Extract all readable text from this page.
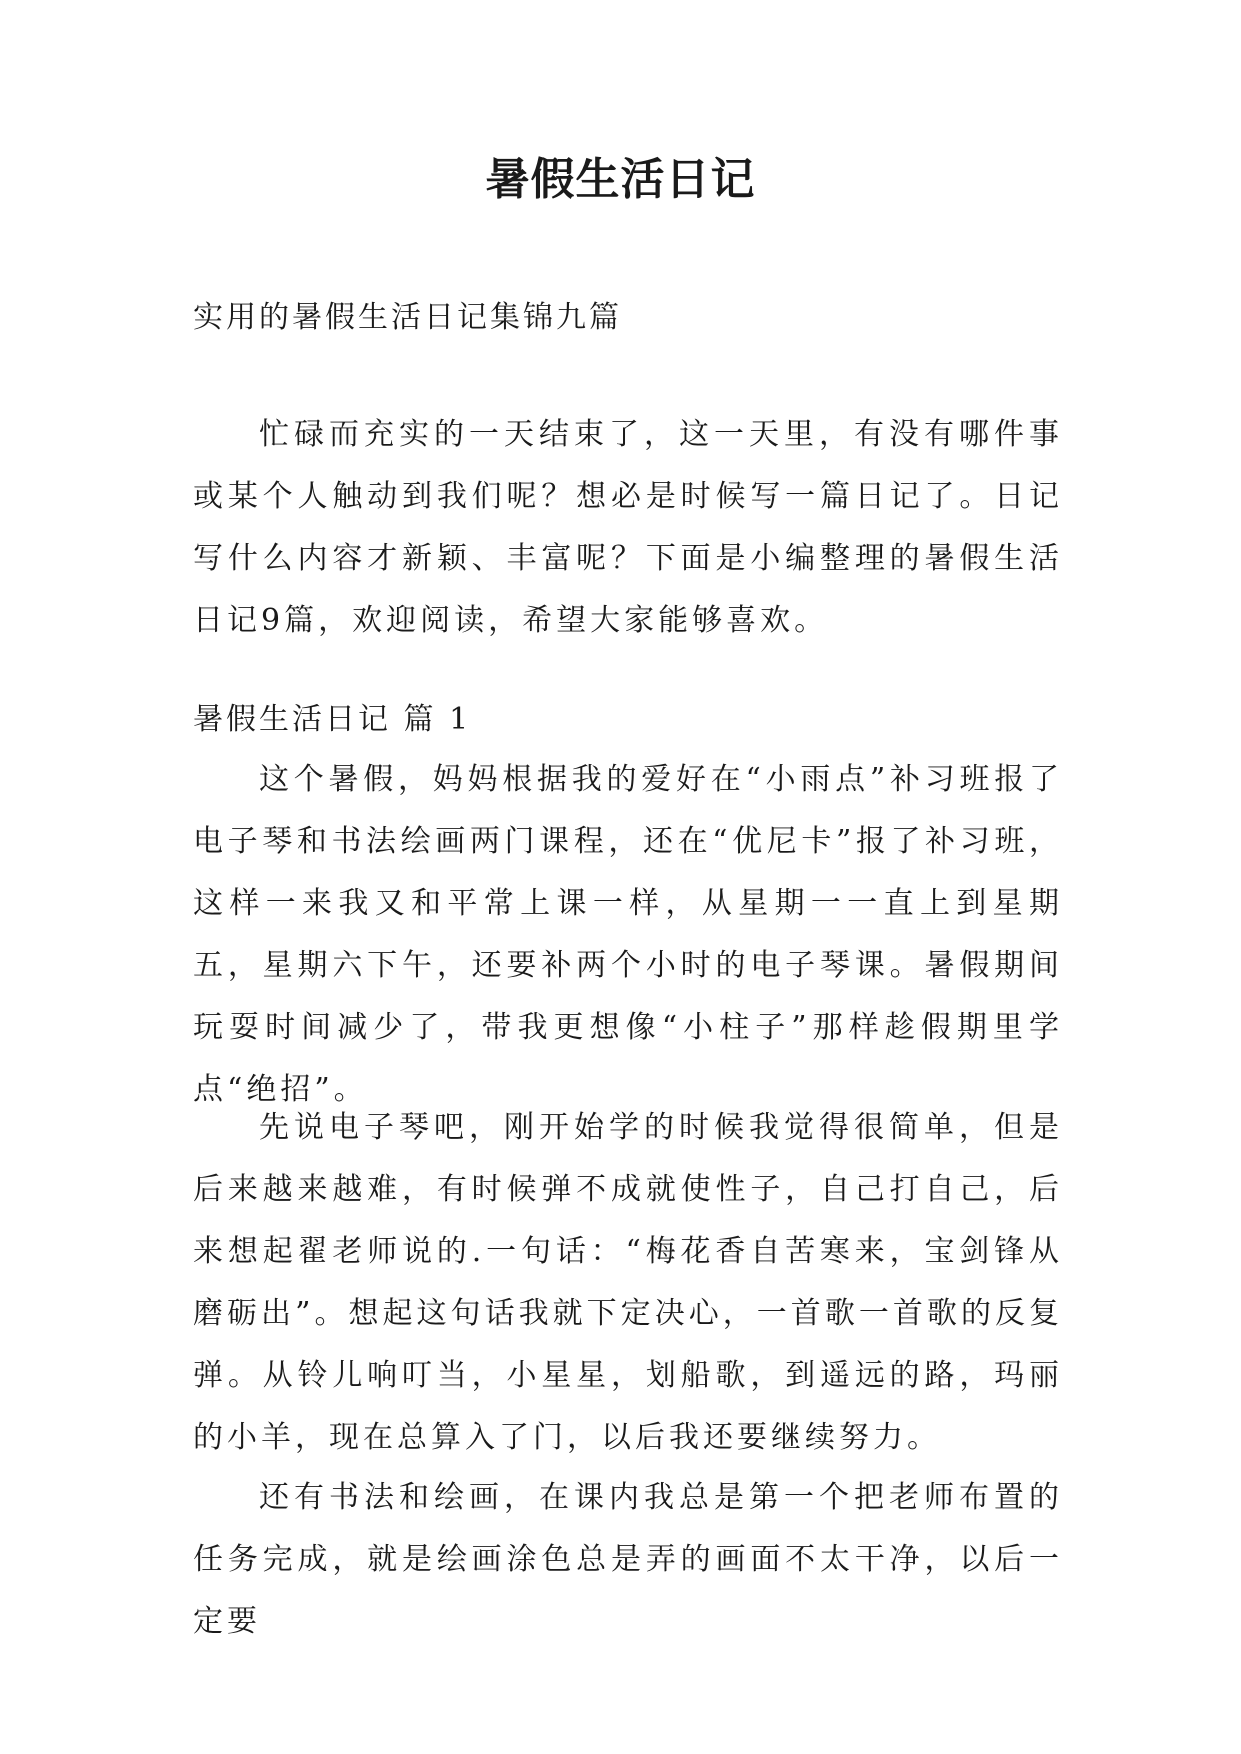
暑假生活日记

实用的暑假生活日记集锦九篇

忙碌而充实的一天结束了，这一天里，有没有哪件事或某个人触动到我们呢？想必是时候写一篇日记了。日记写什么内容才新颖、丰富呢？下面是小编整理的暑假生活日记9篇，欢迎阅读，希望大家能够喜欢。

暑假生活日记 篇 1

这个暑假，妈妈根据我的爱好在“小雨点”补习班报了电子琴和书法绘画两门课程，还在“优尼卡”报了补习班，这样一来我又和平常上课一样，从星期一一直上到星期五，星期六下午，还要补两个小时的电子琴课。暑假期间玩耍时间减少了，带我更想像“小柱子”那样趁假期里学点“绝招”。

先说电子琴吧，刚开始学的时候我觉得很简单，但是后来越来越难，有时候弹不成就使性子，自己打自己，后来想起翟老师说的.一句话：“梅花香自苦寒来，宝剑锋从磨砺出”。想起这句话我就下定决心，一首歌一首歌的反复弹。从铃儿响叮当，小星星，划船歌，到遥远的路，玛丽的小羊，现在总算入了门，以后我还要继续努力。

还有书法和绘画，在课内我总是第一个把老师布置的任务完成，就是绘画涂色总是弄的画面不太干净，以后一定要
